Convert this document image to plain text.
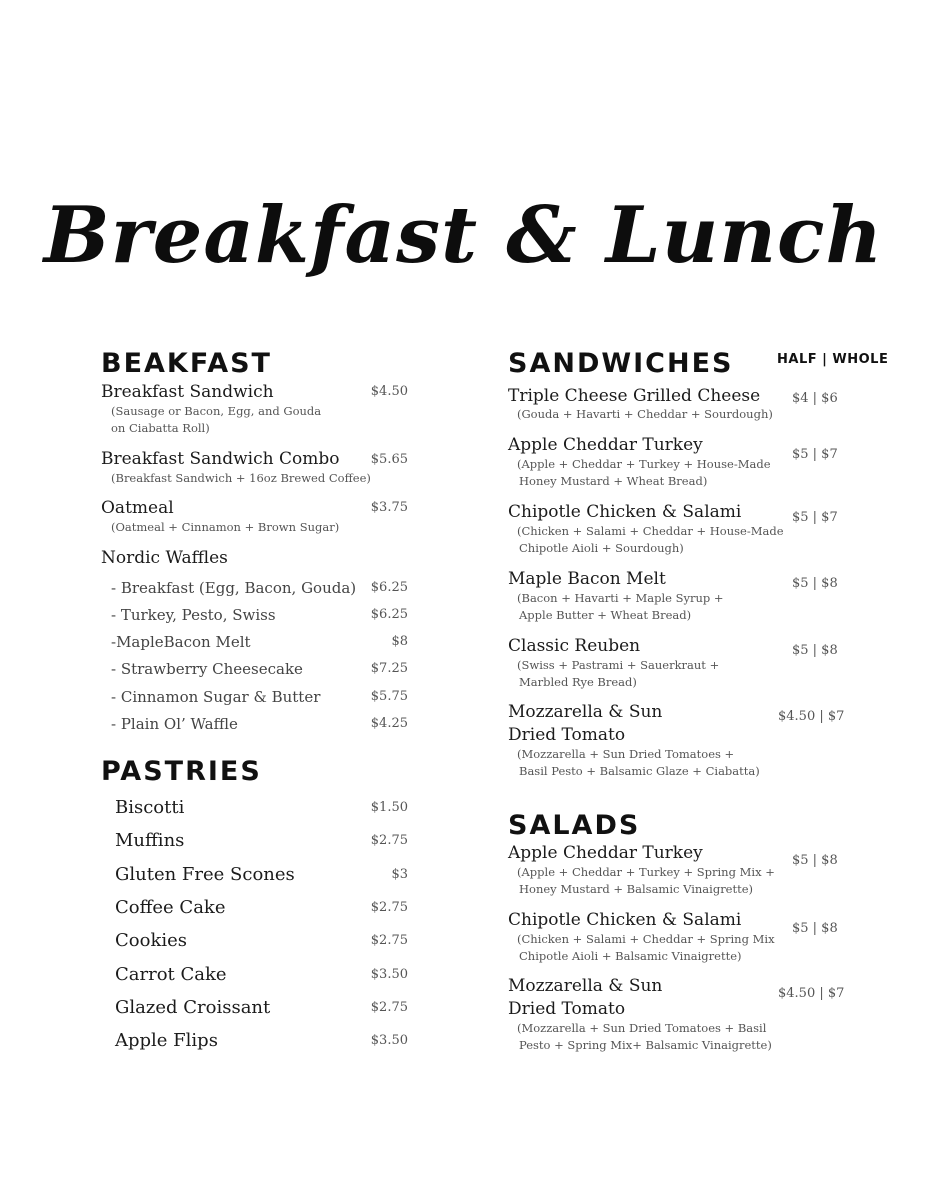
Breakfast & Lunch
BEAKFAST
Breakfast Sandwich	$4.50
(Sausage or Bacon, Egg, and Gouda
on Ciabatta Roll)
Breakfast Sandwich Combo	$5.65
(Breakfast Sandwich + 16oz Brewed Coffee)
Oatmeal	$3.75
(Oatmeal + Cinnamon + Brown Sugar)
Nordic Waffles
- Breakfast (Egg, Bacon, Gouda)	$6.25
- Turkey, Pesto, Swiss	$6.25
-MapleBacon Melt	$8
- Strawberry Cheesecake	$7.25
- Cinnamon Sugar & Butter	$5.75
- Plain Ol’ Waffle	$4.25
PASTRIES
Biscotti	$1.50
Muffins	$2.75
Gluten Free Scones	$3
Coffee Cake	$2.75
Cookies	$2.75
Carrot Cake	$3.50
Glazed Croissant	$2.75
Apple Flips	$3.50
SANDWICHES	HALF | WHOLE
Triple Cheese Grilled Cheese $4 | $6
(Gouda + Havarti + Cheddar + Sourdough)
Apple Cheddar Turkey	$5 | $7
(Apple + Cheddar + Turkey + House-Made
Honey Mustard + Wheat Bread)
Chipotle Chicken & Salami	$5 | $7
(Chicken + Salami + Cheddar + House-Made
Chipotle Aioli + Sourdough)
Maple Bacon Melt	$5 | $8
(Bacon + Havarti + Maple Syrup +
Apple Butter + Wheat Bread)
Classic Reuben	$5 | $8
(Swiss + Pastrami + Sauerkraut +
Marbled Rye Bread)
Mozzarella & Sun
Dried Tomato
$4.50 | $7
(Mozzarella + Sun Dried Tomatoes +
Basil Pesto + Balsamic Glaze + Ciabatta)
SALADS
Apple Cheddar Turkey	$5 | $8
(Apple + Cheddar + Turkey + Spring Mix +
Honey Mustard + Balsamic Vinaigrette)
Chipotle Chicken & Salami	$5 | $8
(Chicken + Salami + Cheddar + Spring Mix
Chipotle Aioli + Balsamic Vinaigrette)
Mozzarella & Sun
Dried Tomato
$4.50 | $7
(Mozzarella + Sun Dried Tomatoes + Basil
Pesto + Spring Mix+ Balsamic Vinaigrette)
